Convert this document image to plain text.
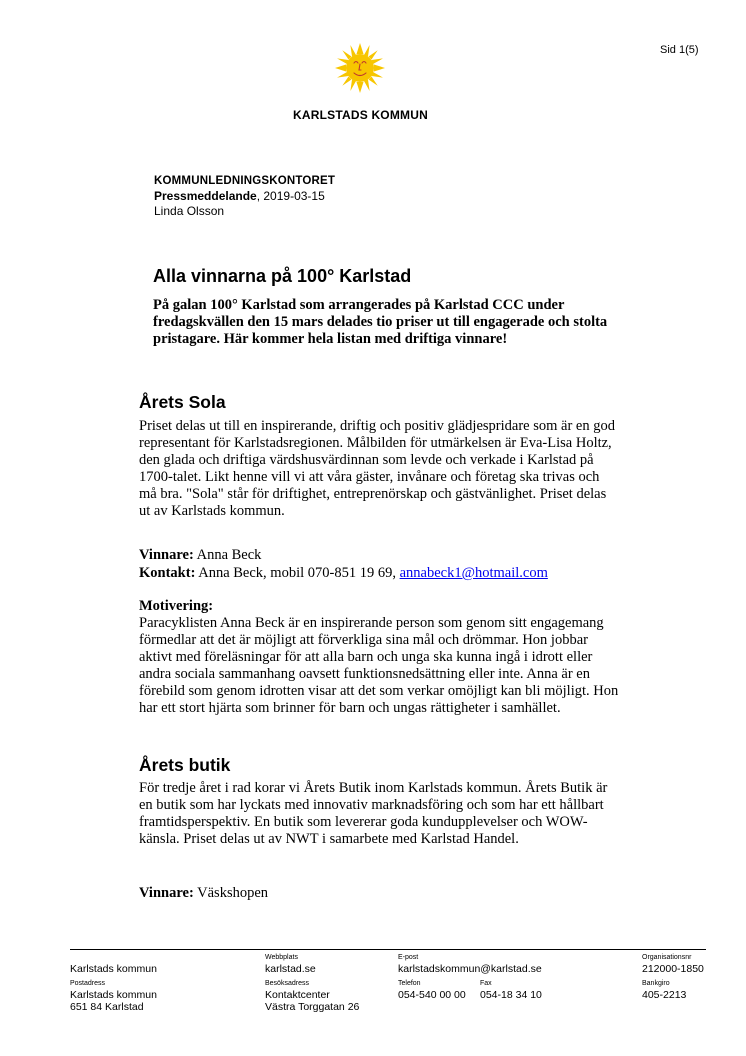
Sid 1(5)
KARLSTADS KOMMUN
KOMMUNLEDNINGSKONTORET
Pressmeddelande, 2019-03-15
Linda Olsson
Alla vinnarna på 100° Karlstad

På galan 100° Karlstad som arrangerades på Karlstad CCC under fredagskvällen den 15 mars delades tio priser ut till engagerade och stolta pristagare. Här kommer hela listan med driftiga vinnare!

Årets Sola

Priset delas ut till en inspirerande, driftig och positiv glädjespridare som är en god representant för Karlstadsregionen. Målbilden för utmärkelsen är Eva-Lisa Holtz, den glada och driftiga värdshusvärdinnan som levde och verkade i Karlstad på 1700-talet. Likt henne vill vi att våra gäster, invånare och företag ska trivas och må bra. "Sola" står för driftighet, entreprenörskap och gästvänlighet. Priset delas ut av Karlstads kommun.

Vinnare: Anna Beck

Kontakt: Anna Beck, mobil 070-851 19 69, annabeck1@hotmail.com

Motivering:

Paracyklisten Anna Beck är en inspirerande person som genom sitt engagemang förmedlar att det är möjligt att förverkliga sina mål och drömmar. Hon jobbar aktivt med föreläsningar för att alla barn och unga ska kunna ingå i idrott eller andra sociala sammanhang oavsett funktionsnedsättning eller inte. Anna är en förebild som genom idrotten visar att det som verkar omöjligt kan bli möjligt. Hon har ett stort hjärta som brinner för barn och ungas rättigheter i samhället.

Årets butik

För tredje året i rad korar vi Årets Butik inom Karlstads kommun. Årets Butik är en butik som har lyckats med innovativ marknadsföring och som har ett hållbart framtidsperspektiv. En butik som levererar goda kundupplevelser och WOW-känsla. Priset delas ut av NWT i samarbete med Karlstad Handel.

Vinnare: Väskshopen

Karlstads kommun
Webbplats
karlstad.se
E-post
karlstadskommun@karlstad.se
Organisationsnr
212000-1850
Postadress
Karlstads kommun
651 84 Karlstad
Besöksadress
Kontaktcenter
Västra Torggatan 26
Telefon
054-540 00 00
Fax
054-18 34 10
Bankgiro
405-2213
